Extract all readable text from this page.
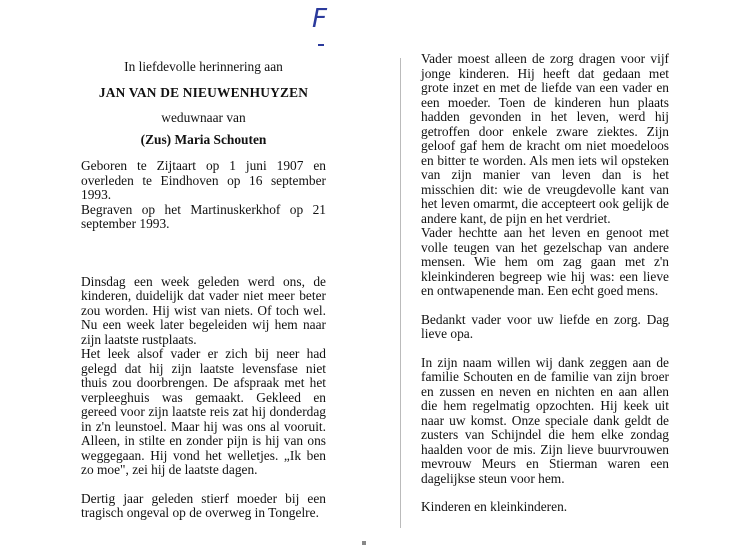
F
In liefdevolle herinnering aan
JAN VAN DE NIEUWENHUYZEN
weduwnaar van
(Zus) Maria Schouten

Geboren te Zijtaart op 1 juni 1907 en overleden te Eindhoven op 16 september 1993.

Begraven op het Martinuskerkhof op 21 september 1993.

Dinsdag een week geleden werd ons, de kinderen, duidelijk dat vader niet meer beter zou worden. Hij wist van niets. Of toch wel. Nu een week later begeleiden wij hem naar zijn laatste rustplaats.

Het leek alsof vader er zich bij neer had gelegd dat hij zijn laatste levensfase niet thuis zou doorbrengen. De afspraak met het verpleeghuis was gemaakt. Gekleed en gereed voor zijn laatste reis zat hij donderdag in z'n leunstoel. Maar hij was ons al vooruit. Alleen, in stilte en zonder pijn is hij van ons weggegaan. Hij vond het welletjes. „Ik ben zo moe", zei hij de laatste dagen.

Dertig jaar geleden stierf moeder bij een tragisch ongeval op de overweg in Tongelre.

Vader moest alleen de zorg dragen voor vijf jonge kinderen. Hij heeft dat gedaan met grote inzet en met de liefde van een vader en een moeder. Toen de kinderen hun plaats hadden gevonden in het leven, werd hij getroffen door enkele zware ziektes. Zijn geloof gaf hem de kracht om niet moedeloos en bitter te worden. Als men iets wil opsteken van zijn manier van leven dan is het misschien dit: wie de vreugdevolle kant van het leven omarmt, die accepteert ook gelijk de andere kant, de pijn en het verdriet.

Vader hechtte aan het leven en genoot met volle teugen van het gezelschap van andere mensen. Wie hem om zag gaan met z'n kleinkinderen begreep wie hij was: een lieve en ontwapenende man. Een echt goed mens.

Bedankt vader voor uw liefde en zorg. Dag lieve opa.

In zijn naam willen wij dank zeggen aan de familie Schouten en de familie van zijn broer en zussen en neven en nichten en aan allen die hem regelmatig opzochten. Hij keek uit naar uw komst. Onze speciale dank geldt de zusters van Schijndel die hem elke zondag haalden voor de mis. Zijn lieve buurvrouwen mevrouw Meurs en Stierman waren een dagelijkse steun voor hem.

Kinderen en kleinkinderen.
